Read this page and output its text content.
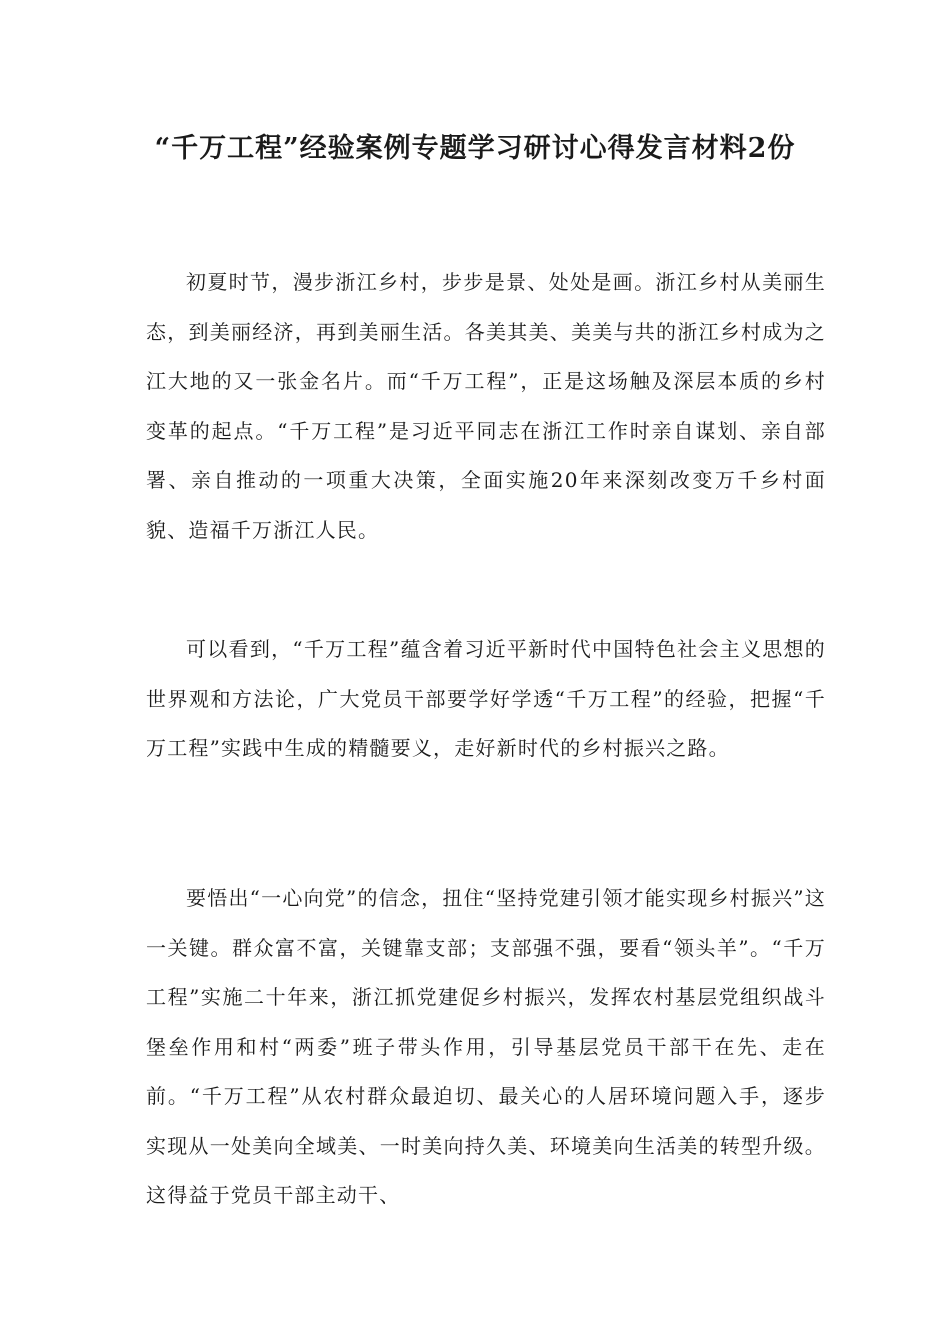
“千万工程”经验案例专题学习研讨心得发言材料2份

初夏时节，漫步浙江乡村，步步是景、处处是画。浙江乡村从美丽生态，到美丽经济，再到美丽生活。各美其美、美美与共的浙江乡村成为之江大地的又一张金名片。而“千万工程”，正是这场触及深层本质的乡村变革的起点。“千万工程”是习近平同志在浙江工作时亲自谋划、亲自部署、亲自推动的一项重大决策，全面实施20年来深刻改变万千乡村面貌、造福千万浙江人民。

可以看到，“千万工程”蕴含着习近平新时代中国特色社会主义思想的世界观和方法论，广大党员干部要学好学透“千万工程”的经验，把握“千万工程”实践中生成的精髓要义，走好新时代的乡村振兴之路。

要悟出“一心向党”的信念，扭住“坚持党建引领才能实现乡村振兴”这一关键。群众富不富，关键靠支部；支部强不强，要看“领头羊”。“千万工程”实施二十年来，浙江抓党建促乡村振兴，发挥农村基层党组织战斗堡垒作用和村“两委”班子带头作用，引导基层党员干部干在先、走在前。“千万工程”从农村群众最迫切、最关心的人居环境问题入手，逐步实现从一处美向全域美、一时美向持久美、环境美向生活美的转型升级。这得益于党员干部主动干、
